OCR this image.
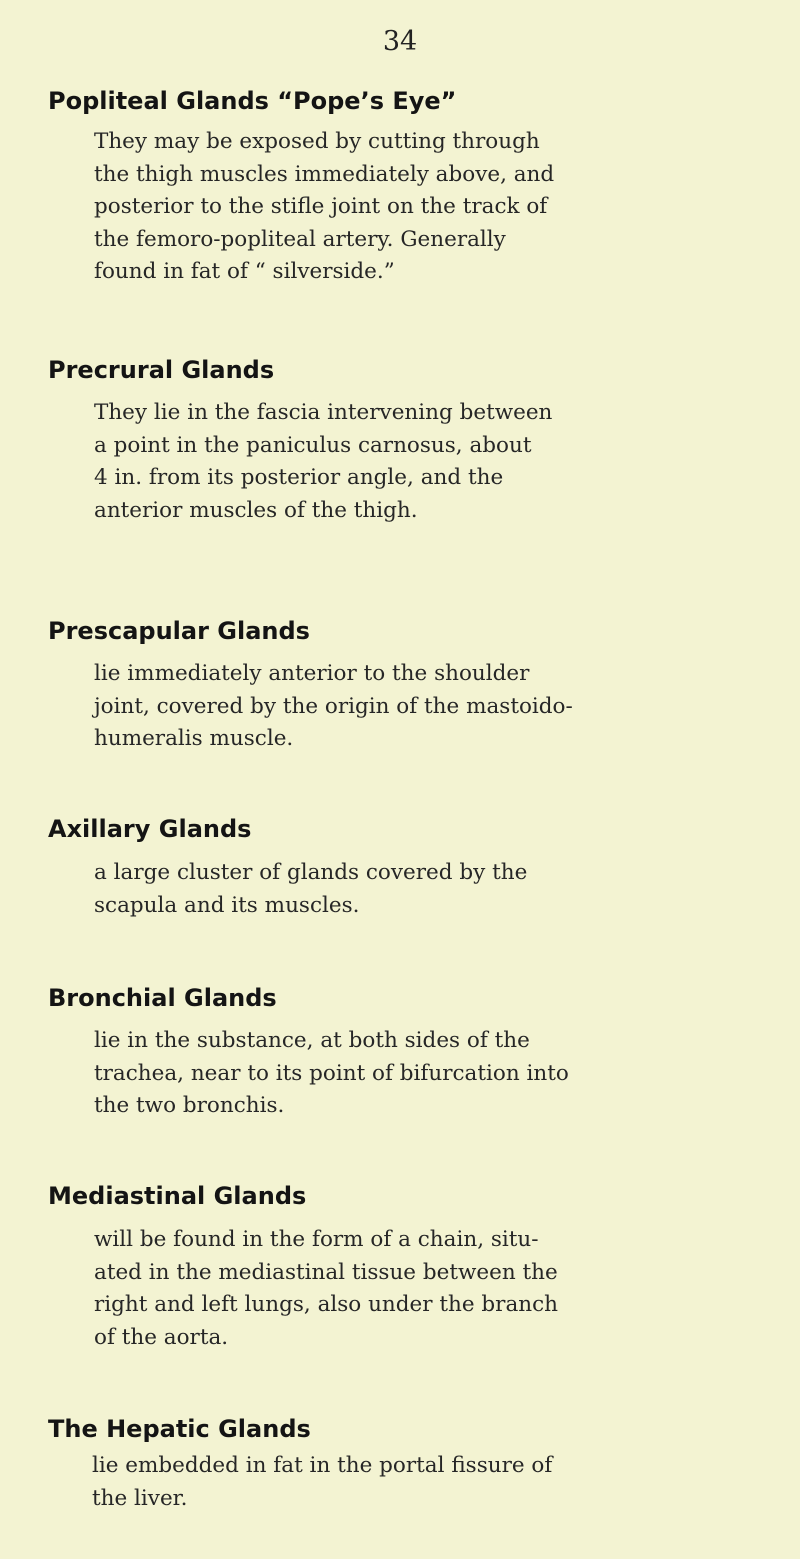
34
Popliteal Glands “Pope’s Eye”

They may be exposed by cutting through
the thigh muscles immediately above, and
posterior to the stifle joint on the track of
the femoro-popliteal artery. Generally
found in fat of “ silverside.”

Precrural Glands

They lie in the fascia intervening between
a point in the paniculus carnosus, about
4 in. from its posterior angle, and the
anterior muscles of the thigh.

Prescapular Glands

lie immediately anterior to the shoulder
joint, covered by the origin of the mastoido-
humeralis muscle.

Axillary Glands

a large cluster of glands covered by the
scapula and its muscles.

Bronchial Glands

lie in the substance, at both sides of the
trachea, near to its point of bifurcation into
the two bronchis.

Mediastinal Glands

will be found in the form of a chain, situ-
ated in the mediastinal tissue between the
right and left lungs, also under the branch
of the aorta.

The Hepatic Glands

lie embedded in fat in the portal fissure of
the liver.
